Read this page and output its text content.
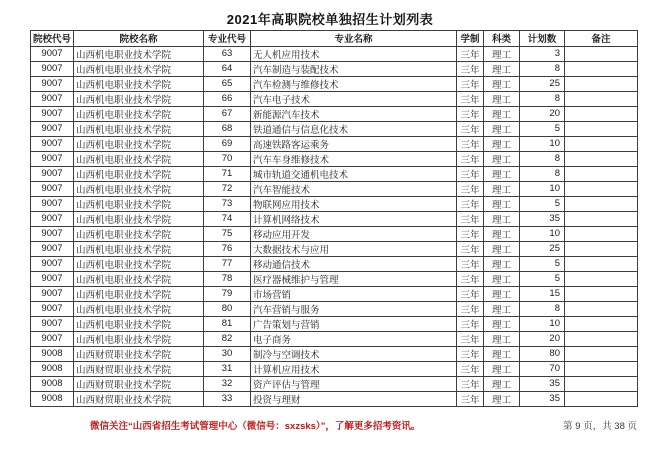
2021年高职院校单独招生计划列表
院校代号	院校名称	专业代号	专业名称	学制	科类	计划数	备注
9007	山西机电职业技术学院	63	无人机应用技术	三年	理工	3	
9007	山西机电职业技术学院	64	汽车制造与装配技术	三年	理工	8	
9007	山西机电职业技术学院	65	汽车检测与维修技术	三年	理工	25	
9007	山西机电职业技术学院	66	汽车电子技术	三年	理工	8	
9007	山西机电职业技术学院	67	新能源汽车技术	三年	理工	20	
9007	山西机电职业技术学院	68	铁道通信与信息化技术	三年	理工	5	
9007	山西机电职业技术学院	69	高速铁路客运乘务	三年	理工	10	
9007	山西机电职业技术学院	70	汽车车身维修技术	三年	理工	8	
9007	山西机电职业技术学院	71	城市轨道交通机电技术	三年	理工	8	
9007	山西机电职业技术学院	72	汽车智能技术	三年	理工	10	
9007	山西机电职业技术学院	73	物联网应用技术	三年	理工	5	
9007	山西机电职业技术学院	74	计算机网络技术	三年	理工	35	
9007	山西机电职业技术学院	75	移动应用开发	三年	理工	10	
9007	山西机电职业技术学院	76	大数据技术与应用	三年	理工	25	
9007	山西机电职业技术学院	77	移动通信技术	三年	理工	5	
9007	山西机电职业技术学院	78	医疗器械维护与管理	三年	理工	5	
9007	山西机电职业技术学院	79	市场营销	三年	理工	15	
9007	山西机电职业技术学院	80	汽车营销与服务	三年	理工	8	
9007	山西机电职业技术学院	81	广告策划与营销	三年	理工	10	
9007	山西机电职业技术学院	82	电子商务	三年	理工	20	
9008	山西财贸职业技术学院	30	制冷与空调技术	三年	理工	80	
9008	山西财贸职业技术学院	31	计算机应用技术	三年	理工	70	
9008	山西财贸职业技术学院	32	资产评估与管理	三年	理工	35	
9008	山西财贸职业技术学院	33	投资与理财	三年	理工	35	
微信关注“山西省招生考试管理中心（微信号：sxzsks）”，了解更多招考资讯。	第 9 页，共 38 页
